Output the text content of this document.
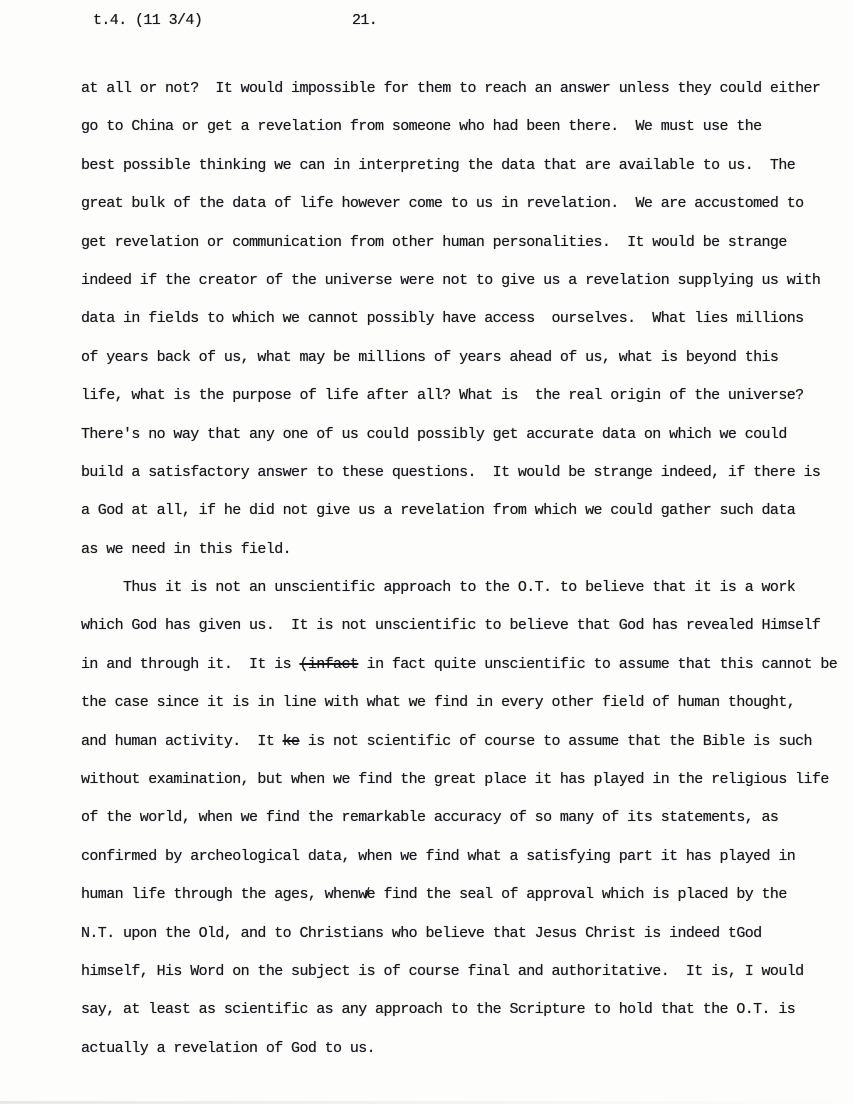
t.4. (11 3/4)	21.
at all or not?  It would impossible for them to reach an answer unless they could either
go to China or get a revelation from someone who had been there.  We must use the
best possible thinking we can in interpreting the data that are available to us.  The
great bulk of the data of life however come to us in revelation.  We are accustomed to
get revelation or communication from other human personalities.  It would be strange
indeed if the creator of the universe were not to give us a revelation supplying us with
data in fields to which we cannot possibly have access  ourselves.  What lies millions
of years back of us, what may be millions of years ahead of us, what is beyond this
life, what is the purpose of life after all? What is  the real origin of the universe?
There's no way that any one of us could possibly get accurate data on which we could
build a satisfactory answer to these questions.  It would be strange indeed, if there is
a God at all, if he did not give us a revelation from which we could gather such data
as we need in this field.
Thus it is not an unscientific approach to the O.T. to believe that it is a work
which God has given us.  It is not unscientific to believe that God has revealed Himself
in and through it.  It is (infact in fact quite unscientific to assume that this cannot be
the case since it is in line with what we find in every other field of human thought,
and human activity.  It ke is not scientific of course to assume that the Bible is such
without examination, but when we find the great place it has played in the religious life
of the world, when we find the remarkable accuracy of so many of its statements, as
confirmed by archeological data, when we find what a satisfying part it has played in
human life through the ages, whenw̸e find the seal of approval which is placed by the
N.T. upon the Old, and to Christians who believe that Jesus Christ is indeed tGod
himself, His Word on the subject is of course final and authoritative.  It is, I would
say, at least as scientific as any approach to the Scripture to hold that the O.T. is
actually a revelation of God to us.
